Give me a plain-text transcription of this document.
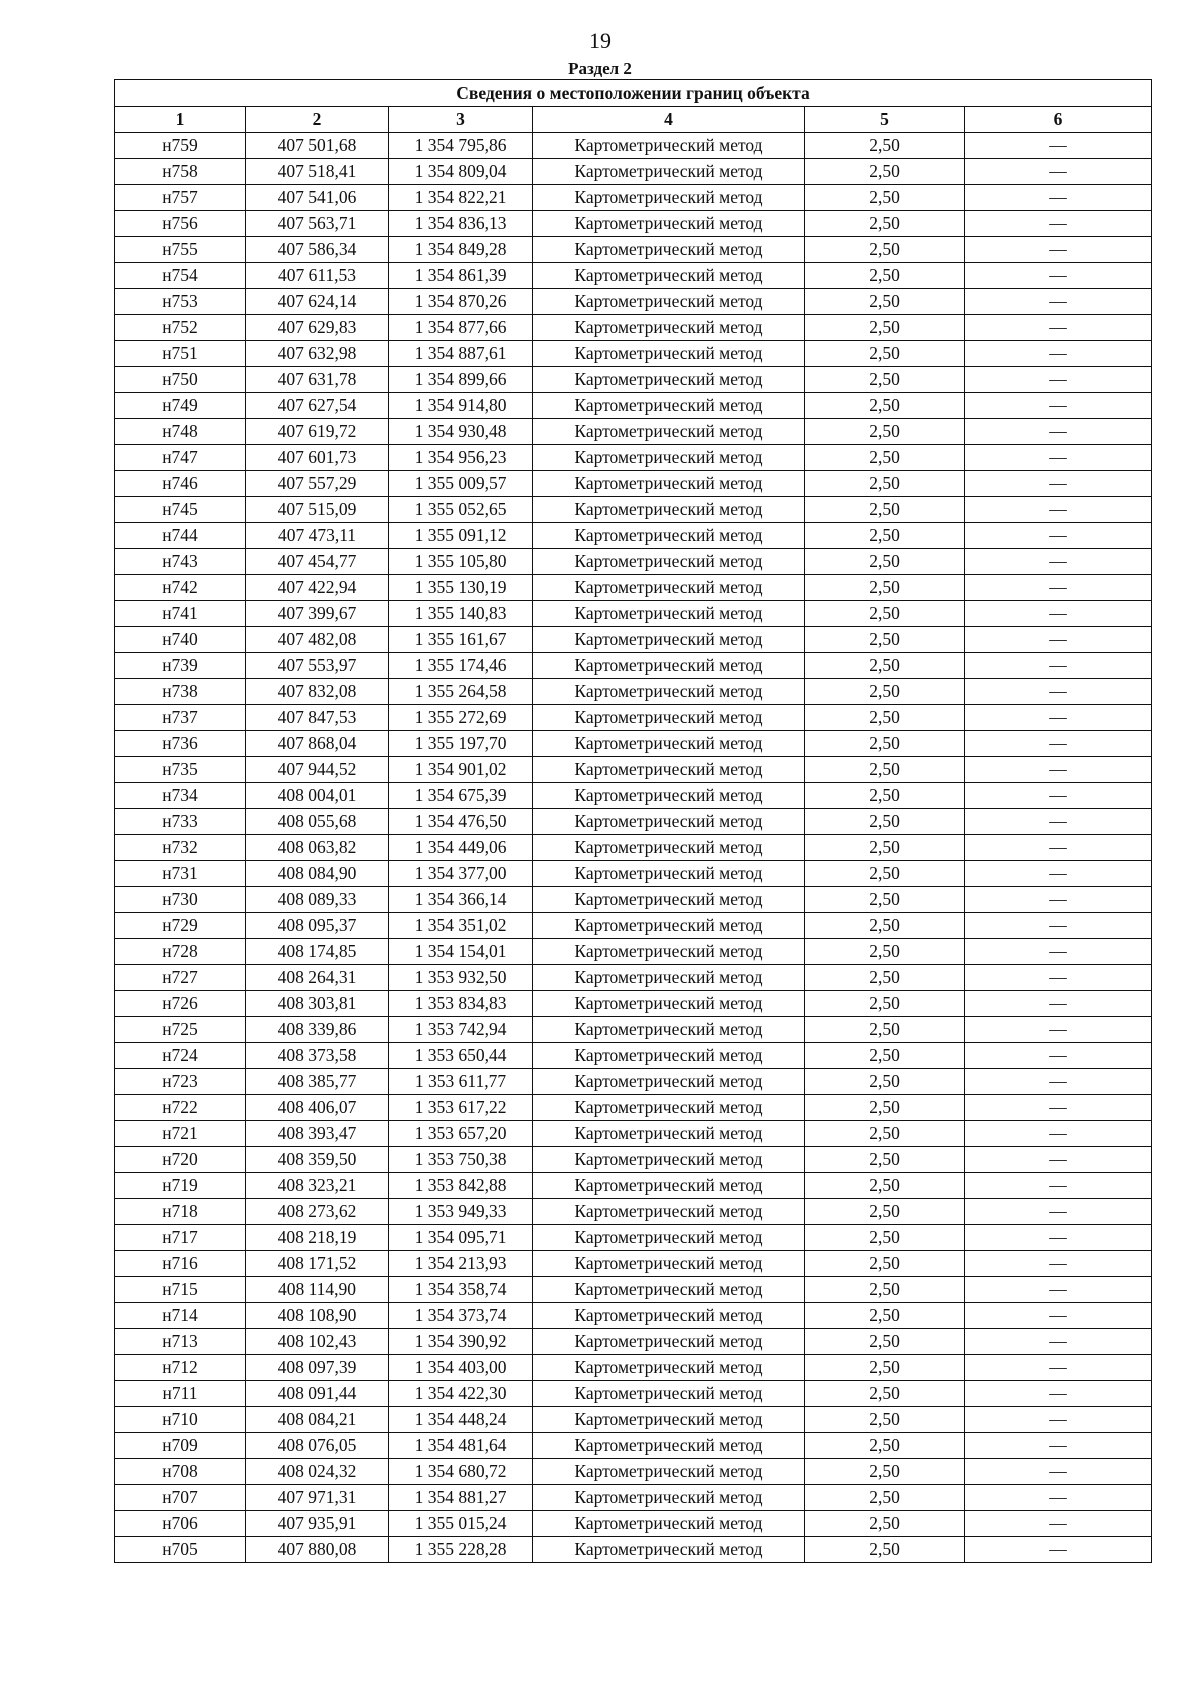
19
Раздел 2
Сведения о местоположении границ объекта					
1	2	3	4	5	6
н759	407 501,68	1 354 795,86	Картометрический метод	2,50	—
н758	407 518,41	1 354 809,04	Картометрический метод	2,50	—
н757	407 541,06	1 354 822,21	Картометрический метод	2,50	—
н756	407 563,71	1 354 836,13	Картометрический метод	2,50	—
н755	407 586,34	1 354 849,28	Картометрический метод	2,50	—
н754	407 611,53	1 354 861,39	Картометрический метод	2,50	—
н753	407 624,14	1 354 870,26	Картометрический метод	2,50	—
н752	407 629,83	1 354 877,66	Картометрический метод	2,50	—
н751	407 632,98	1 354 887,61	Картометрический метод	2,50	—
н750	407 631,78	1 354 899,66	Картометрический метод	2,50	—
н749	407 627,54	1 354 914,80	Картометрический метод	2,50	—
н748	407 619,72	1 354 930,48	Картометрический метод	2,50	—
н747	407 601,73	1 354 956,23	Картометрический метод	2,50	—
н746	407 557,29	1 355 009,57	Картометрический метод	2,50	—
н745	407 515,09	1 355 052,65	Картометрический метод	2,50	—
н744	407 473,11	1 355 091,12	Картометрический метод	2,50	—
н743	407 454,77	1 355 105,80	Картометрический метод	2,50	—
н742	407 422,94	1 355 130,19	Картометрический метод	2,50	—
н741	407 399,67	1 355 140,83	Картометрический метод	2,50	—
н740	407 482,08	1 355 161,67	Картометрический метод	2,50	—
н739	407 553,97	1 355 174,46	Картометрический метод	2,50	—
н738	407 832,08	1 355 264,58	Картометрический метод	2,50	—
н737	407 847,53	1 355 272,69	Картометрический метод	2,50	—
н736	407 868,04	1 355 197,70	Картометрический метод	2,50	—
н735	407 944,52	1 354 901,02	Картометрический метод	2,50	—
н734	408 004,01	1 354 675,39	Картометрический метод	2,50	—
н733	408 055,68	1 354 476,50	Картометрический метод	2,50	—
н732	408 063,82	1 354 449,06	Картометрический метод	2,50	—
н731	408 084,90	1 354 377,00	Картометрический метод	2,50	—
н730	408 089,33	1 354 366,14	Картометрический метод	2,50	—
н729	408 095,37	1 354 351,02	Картометрический метод	2,50	—
н728	408 174,85	1 354 154,01	Картометрический метод	2,50	—
н727	408 264,31	1 353 932,50	Картометрический метод	2,50	—
н726	408 303,81	1 353 834,83	Картометрический метод	2,50	—
н725	408 339,86	1 353 742,94	Картометрический метод	2,50	—
н724	408 373,58	1 353 650,44	Картометрический метод	2,50	—
н723	408 385,77	1 353 611,77	Картометрический метод	2,50	—
н722	408 406,07	1 353 617,22	Картометрический метод	2,50	—
н721	408 393,47	1 353 657,20	Картометрический метод	2,50	—
н720	408 359,50	1 353 750,38	Картометрический метод	2,50	—
н719	408 323,21	1 353 842,88	Картометрический метод	2,50	—
н718	408 273,62	1 353 949,33	Картометрический метод	2,50	—
н717	408 218,19	1 354 095,71	Картометрический метод	2,50	—
н716	408 171,52	1 354 213,93	Картометрический метод	2,50	—
н715	408 114,90	1 354 358,74	Картометрический метод	2,50	—
н714	408 108,90	1 354 373,74	Картометрический метод	2,50	—
н713	408 102,43	1 354 390,92	Картометрический метод	2,50	—
н712	408 097,39	1 354 403,00	Картометрический метод	2,50	—
н711	408 091,44	1 354 422,30	Картометрический метод	2,50	—
н710	408 084,21	1 354 448,24	Картометрический метод	2,50	—
н709	408 076,05	1 354 481,64	Картометрический метод	2,50	—
н708	408 024,32	1 354 680,72	Картометрический метод	2,50	—
н707	407 971,31	1 354 881,27	Картометрический метод	2,50	—
н706	407 935,91	1 355 015,24	Картометрический метод	2,50	—
н705	407 880,08	1 355 228,28	Картометрический метод	2,50	—
